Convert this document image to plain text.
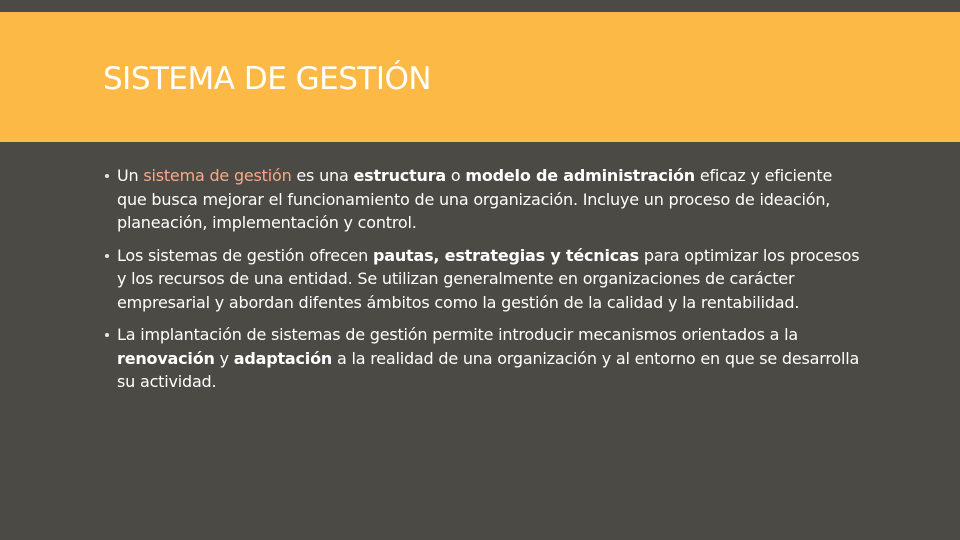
SISTEMA DE GESTIÓN
Un sistema de gestión es una estructura o modelo de administración eficaz y eficiente que busca mejorar el funcionamiento de una organización. Incluye un proceso de ideación, planeación, implementación y control.
Los sistemas de gestión ofrecen pautas, estrategias y técnicas para optimizar los procesos y los recursos de una entidad. Se utilizan generalmente en organizaciones de carácter empresarial y abordan difentes ámbitos como la gestión de la calidad y la rentabilidad.
La implantación de sistemas de gestión permite introducir mecanismos orientados a la renovación y adaptación a la realidad de una organización y al entorno en que se desarrolla su actividad.
